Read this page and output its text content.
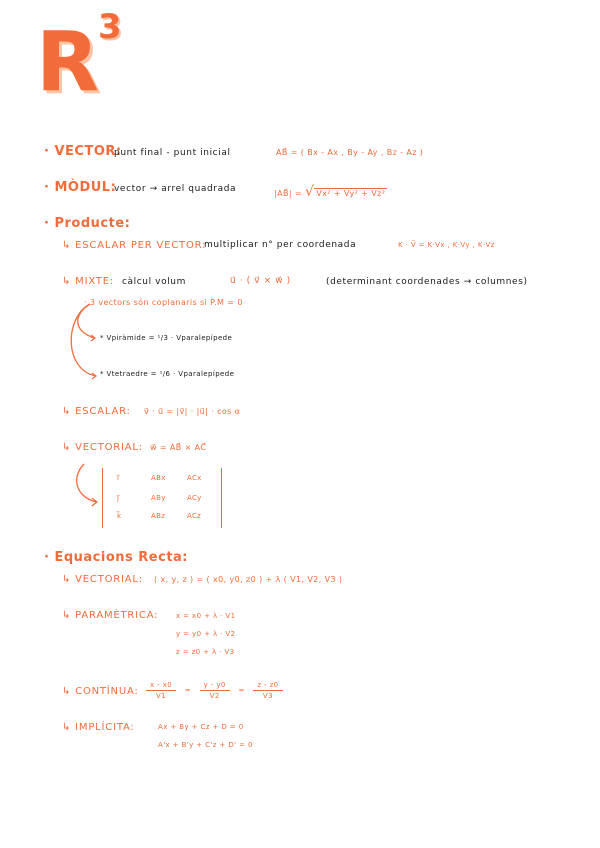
R
3
· VECTOR:
punt final - punt inicial	AB⃗ = ( Bx - Ax , By - Ay , Bz - Az )
· MÒDUL:
vector → arrel quadrada	|AB⃗| = √ Vx² + Vy² + Vz²
· Producte:
↳ ESCALAR PER VECTOR:
multiplicar n° per coordenada	K · V⃗ = K·Vx , K·Vy , K·Vz
↳ MIXTE: càlcul volum	u⃗ · ( v⃗ × w⃗ )	(determinant coordenades → columnes)
· 3 vectors són coplanaris si P.M = 0
* Vpiràmide = ¹/3 · Vparalepípede
* Vtetraedre = ¹/6 · Vparalepípede
↳ ESCALAR: v⃗ · u⃗ = |v⃗| · |u⃗| · cos α
↳ VECTORIAL: w⃗ = AB⃗ × AC⃗
i⃗	ABx	ACx
j⃗	ABy	ACy
k⃗	ABz	ACz
· Equacions Recta:
↳ VECTORIAL: ( x, y, z ) = ( x0, y0, z0 ) + λ ( V1, V2, V3 )
↳ PARAMÈTRICA:	x = x0 + λ · V1
y = y0 + λ · V2
z = z0 + λ · V3
↳ CONTÍNUA: $\frac{x - x0}{V1} = \frac{y - y0}{V2} = \frac{z - z0}{V3}$
↳ IMPLÍCITA:	Ax + By + Cz + D = 0
A'x + B'y + C'z + D' = 0
